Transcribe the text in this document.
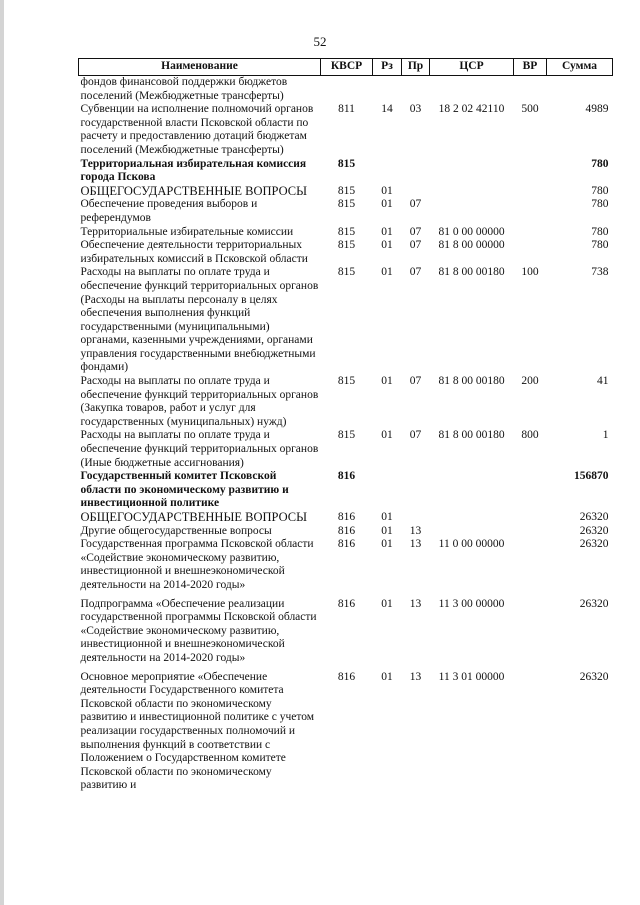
52
Наименование	КВСР	Рз	Пр	ЦСР	ВР	Сумма
фондов финансовой поддержки бюджетов поселений (Межбюджетные трансферты)						
Субвенции на исполнение полномочий органов государственной власти Псковской области по расчету и предоставлению дотаций бюджетам поселений (Межбюджетные трансферты)	811	14	03	18 2 02 42110	500	4989
Территориальная избирательная комиссия города Пскова	815					780
ОБЩЕГОСУДАРСТВЕННЫЕ ВОПРОСЫ	815	01				780
Обеспечение проведения выборов и референдумов	815	01	07			780
Территориальные избирательные комиссии	815	01	07	81 0 00 00000		780
Обеспечение деятельности территориальных избирательных комиссий в Псковской области	815	01	07	81 8 00 00000		780
Расходы на выплаты по оплате труда и обеспечение функций территориальных органов (Расходы на выплаты персоналу в целях обеспечения выполнения функций государственными (муниципальными) органами, казенными учреждениями, органами управления государственными внебюджетными фондами)	815	01	07	81 8 00 00180	100	738
Расходы на выплаты по оплате труда и обеспечение функций территориальных органов (Закупка товаров, работ и услуг для государственных (муниципальных) нужд)	815	01	07	81 8 00 00180	200	41
Расходы на выплаты по оплате труда и обеспечение функций территориальных органов (Иные бюджетные ассигнования)	815	01	07	81 8 00 00180	800	1
Государственный комитет Псковской области по экономическому развитию и инвестиционной политике	816					156870
ОБЩЕГОСУДАРСТВЕННЫЕ ВОПРОСЫ	816	01				26320
Другие общегосударственные вопросы	816	01	13			26320
Государственная программа Псковской области «Содействие экономическому развитию, инвестиционной и внешнеэкономической деятельности на 2014-2020 годы»	816	01	13	11 0 00 00000		26320
Подпрограмма «Обеспечение реализации государственной программы Псковской области «Содействие экономическому развитию, инвестиционной и внешнеэкономической деятельности на 2014-2020 годы»	816	01	13	11 3 00 00000		26320
Основное мероприятие «Обеспечение деятельности Государственного комитета Псковской области по экономическому развитию и инвестиционной политике с учетом реализации государственных полномочий и выполнения функций в соответствии с Положением о Государственном комитете Псковской области по экономическому развитию и	816	01	13	11 3 01 00000		26320
